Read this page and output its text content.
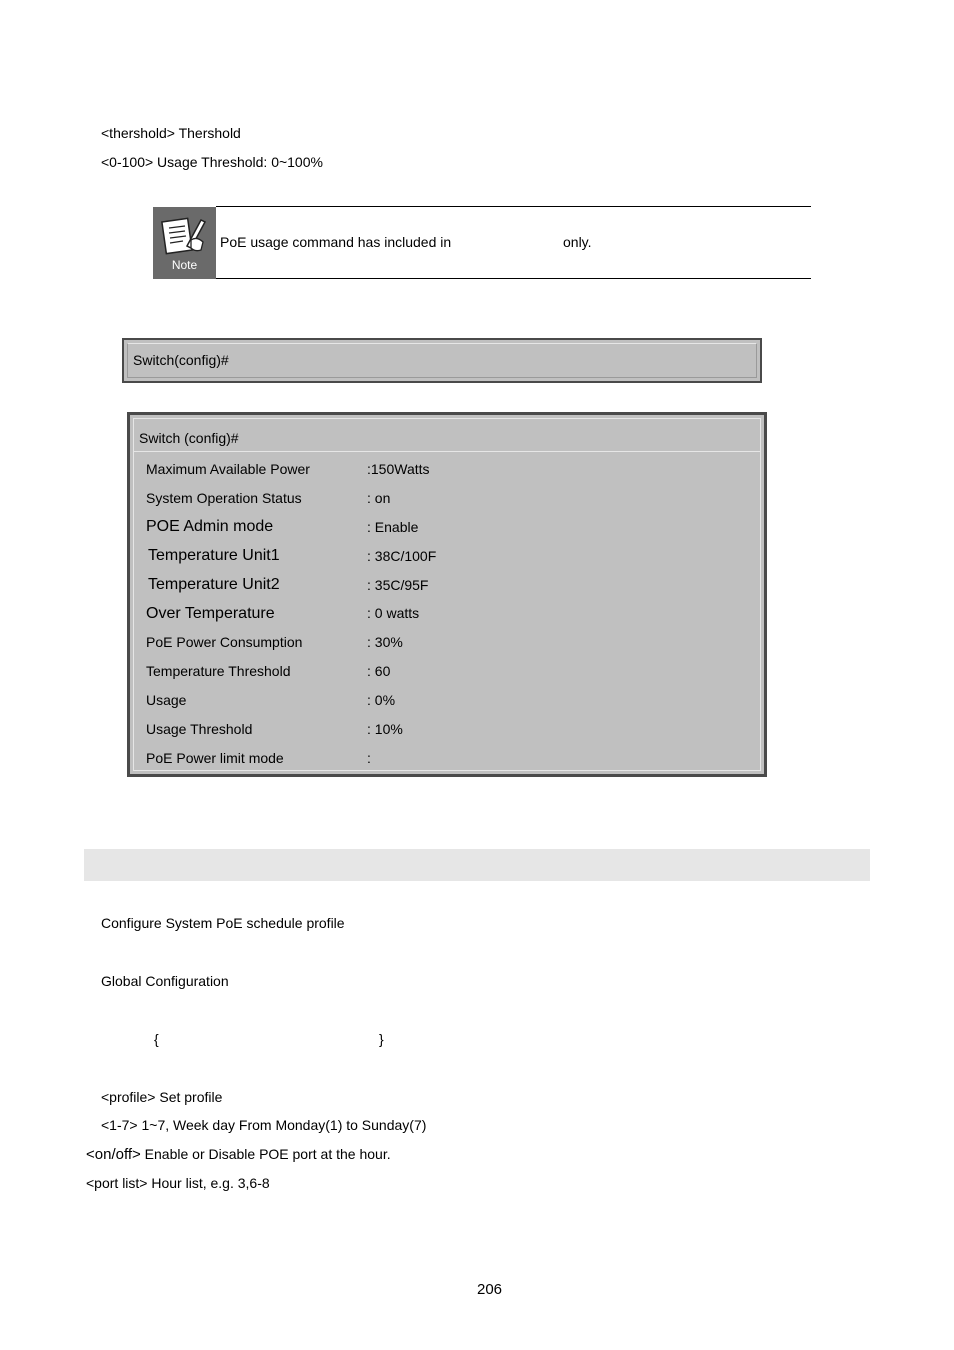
<thershold> Thershold
<0-100> Usage Threshold: 0~100%
Note
PoE usage command has included in	only.
Switch(config)#
Switch (config)#
Maximum Available Power	:150Watts
System Operation Status	: on
POE Admin mode	: Enable
Temperature Unit1	: 38C/100F
Temperature Unit2	: 35C/95F
Over Temperature	: 0 watts
PoE Power Consumption	: 30%
Temperature Threshold	: 60
Usage	: 0%
Usage Threshold	: 10%
PoE Power limit mode	:
Configure System PoE schedule profile
Global Configuration
{	}
<profile> Set profile
<1-7> 1~7, Week day From Monday(1) to Sunday(7)
<on/off> Enable or Disable POE port at the hour.
<port list> Hour list, e.g. 3,6-8
206
